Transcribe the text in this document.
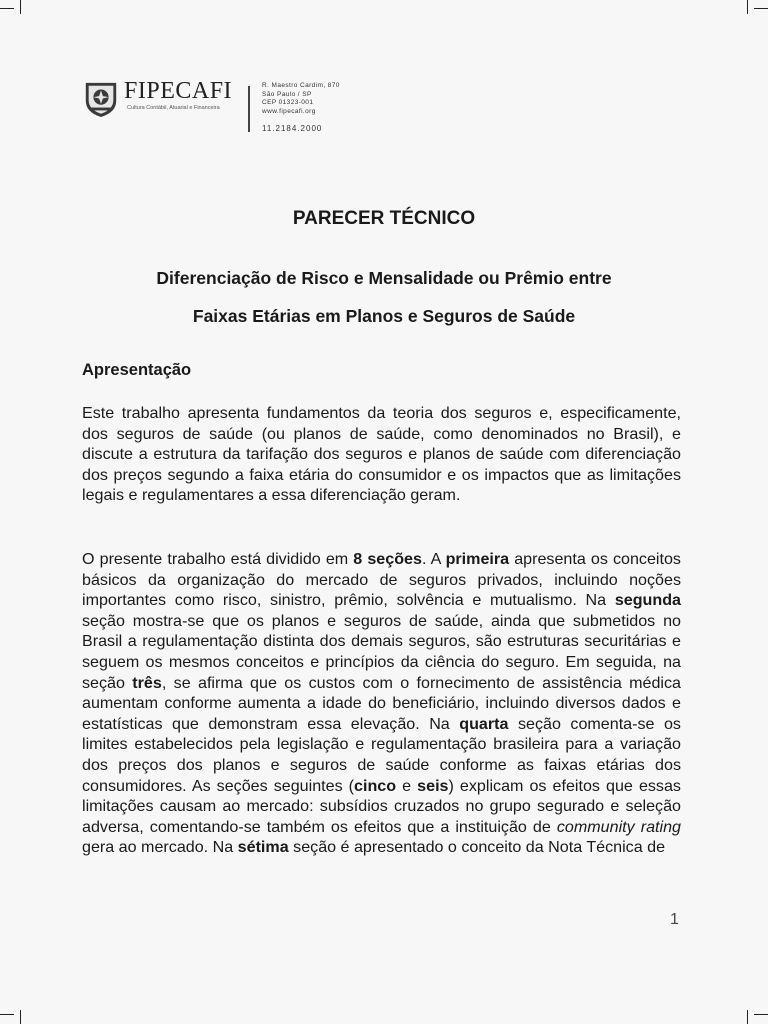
FIPECAFI
Cultura Contábil, Atuarial e Financeira
R. Maestro Cardim, 870
São Paulo / SP
CEP 01323-001
www.fipecafi.org
11.2184.2000
PARECER TÉCNICO
Diferenciação de Risco e Mensalidade ou Prêmio entre
Faixas Etárias em Planos e Seguros de Saúde
Apresentação

Este trabalho apresenta fundamentos da teoria dos seguros e, especificamente, dos seguros de saúde (ou planos de saúde, como denominados no Brasil), e discute a estrutura da tarifação dos seguros e planos de saúde com diferenciação dos preços segundo a faixa etária do consumidor e os impactos que as limitações legais e regulamentares a essa diferenciação geram.

O presente trabalho está dividido em 8 seções. A primeira apresenta os conceitos básicos da organização do mercado de seguros privados, incluindo noções importantes como risco, sinistro, prêmio, solvência e mutualismo. Na segunda seção mostra-se que os planos e seguros de saúde, ainda que submetidos no Brasil a regulamentação distinta dos demais seguros, são estruturas securitárias e seguem os mesmos conceitos e princípios da ciência do seguro. Em seguida, na seção três, se afirma que os custos com o fornecimento de assistência médica aumentam conforme aumenta a idade do beneficiário, incluindo diversos dados e estatísticas que demonstram essa elevação. Na quarta seção comenta-se os limites estabelecidos pela legislação e regulamentação brasileira para a variação dos preços dos planos e seguros de saúde conforme as faixas etárias dos consumidores. As seções seguintes (cinco e seis) explicam os efeitos que essas limitações causam ao mercado: subsídios cruzados no grupo segurado e seleção adversa, comentando-se também os efeitos que a instituição de community rating gera ao mercado. Na sétima seção é apresentado o conceito da Nota Técnica de

1
